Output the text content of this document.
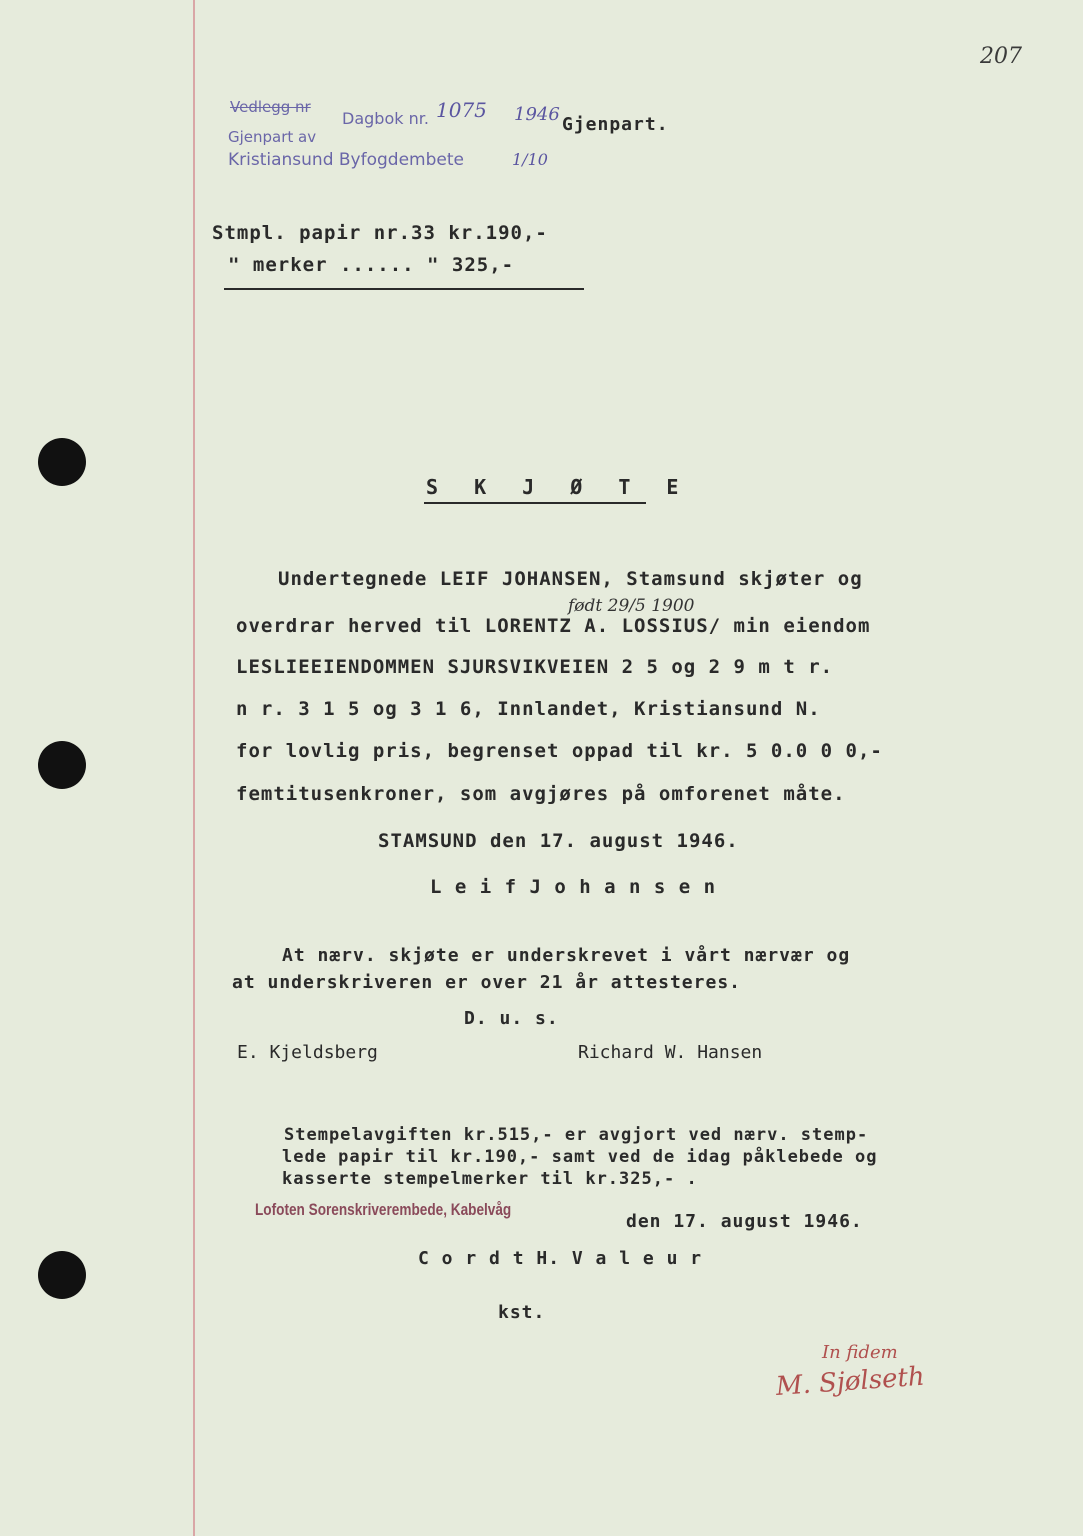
207
Vedlegg nr
Dagbok nr. 1075 1946 Gjenpart.
Gjenpart av
Kristiansund Byfogdembete	1/10
Stmpl. papir nr.33 kr.190,-
" merker ...... " 325,-
S K J Ø T E
Undertegnede LEIF JOHANSEN, Stamsund skjøter og
født 29/5 1900
overdrar herved til LORENTZ A. LOSSIUS/ min eiendom
LESLIEEIENDOMMEN SJURSVIKVEIEN 2 5 og 2 9 m t r.
n r. 3 1 5 og 3 1 6, Innlandet, Kristiansund N.
for lovlig pris, begrenset oppad til kr. 5 0.0 0 0,-
femtitusenkroner, som avgjøres på omforenet måte.
STAMSUND den 17. august 1946.
L e i f J o h a n s e n
At nærv. skjøte er underskrevet i vårt nærvær og
at underskriveren er over 21 år attesteres.
D. u. s.
E. Kjeldsberg	Richard W. Hansen
Stempelavgiften kr.515,- er avgjort ved nærv. stemp-
lede papir til kr.190,- samt ved de idag påklebede og
kasserte stempelmerker til kr.325,- .
Lofoten Sorenskriverembede, Kabelvåg
den 17. august 1946.
C o r d t H. V a l e u r
kst.
In fidem
M. Sjølseth
